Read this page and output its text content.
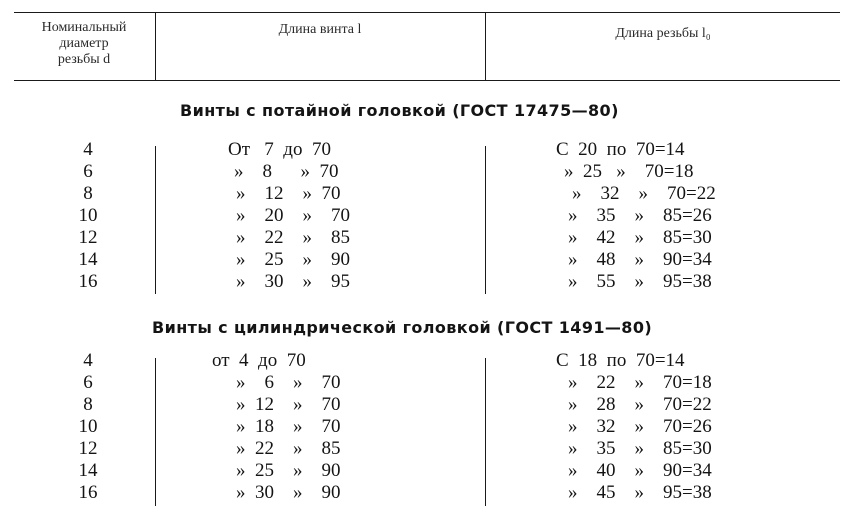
Номинальный
диаметр
резьбы d
Длина винта l	Длина резьбы l₀
Винты с потайной головкой (ГОСТ 17475—80)
4
6
8
10
12
14
16
От   7  до  70
»    8      »  70
»    12    »  70
»    20    »    70
»    22    »    85
»    25    »    90
»    30    »    95
С  20  по  70=14
»  25   »    70=18
»    32    »    70=22
»    35    »    85=26
»    42    »    85=30
»    48    »    90=34
»    55    »    95=38
Винты с цилиндрической головкой (ГОСТ 1491—80)
4
6
8
10
12
14
16
от  4  до  70
»    6    »    70
»  12    »    70
»  18    »    70
»  22    »    85
»  25    »    90
»  30    »    90
С  18  по  70=14
»    22    »    70=18
»    28    »    70=22
»    32    »    70=26
»    35    »    85=30
»    40    »    90=34
»    45    »    95=38
